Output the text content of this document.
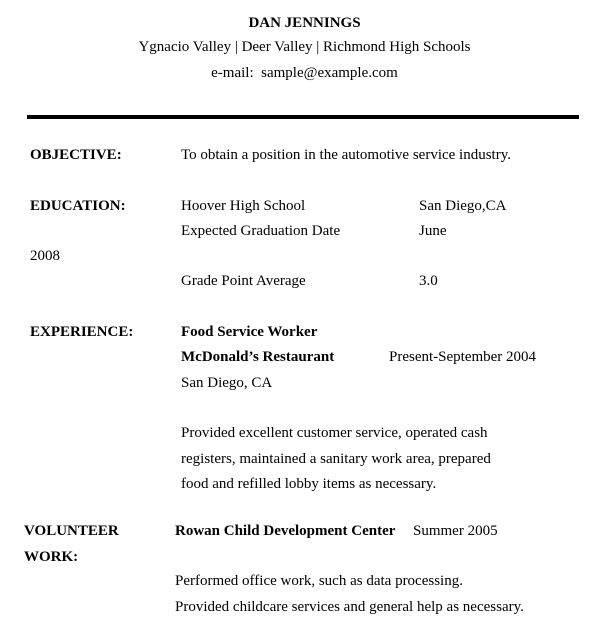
DAN JENNINGS
Ygnacio Valley | Deer Valley | Richmond High Schools
e-mail: sample@example.com
OBJECTIVE:	To obtain a position in the automotive service industry.
EDUCATION:	Hoover High School	San Diego,CA
Expected Graduation Date	June
2008
Grade Point Average	3.0
EXPERIENCE:	Food Service Worker
McDonald’s Restaurant	Present-September 2004
San Diego, CA
Provided excellent customer service, operated cash
registers, maintained a sanitary work area, prepared
food and refilled lobby items as necessary.
VOLUNTEER
WORK:
Rowan Child Development Center Summer 2005
Performed office work, such as data processing.
Provided childcare services and general help as necessary.
